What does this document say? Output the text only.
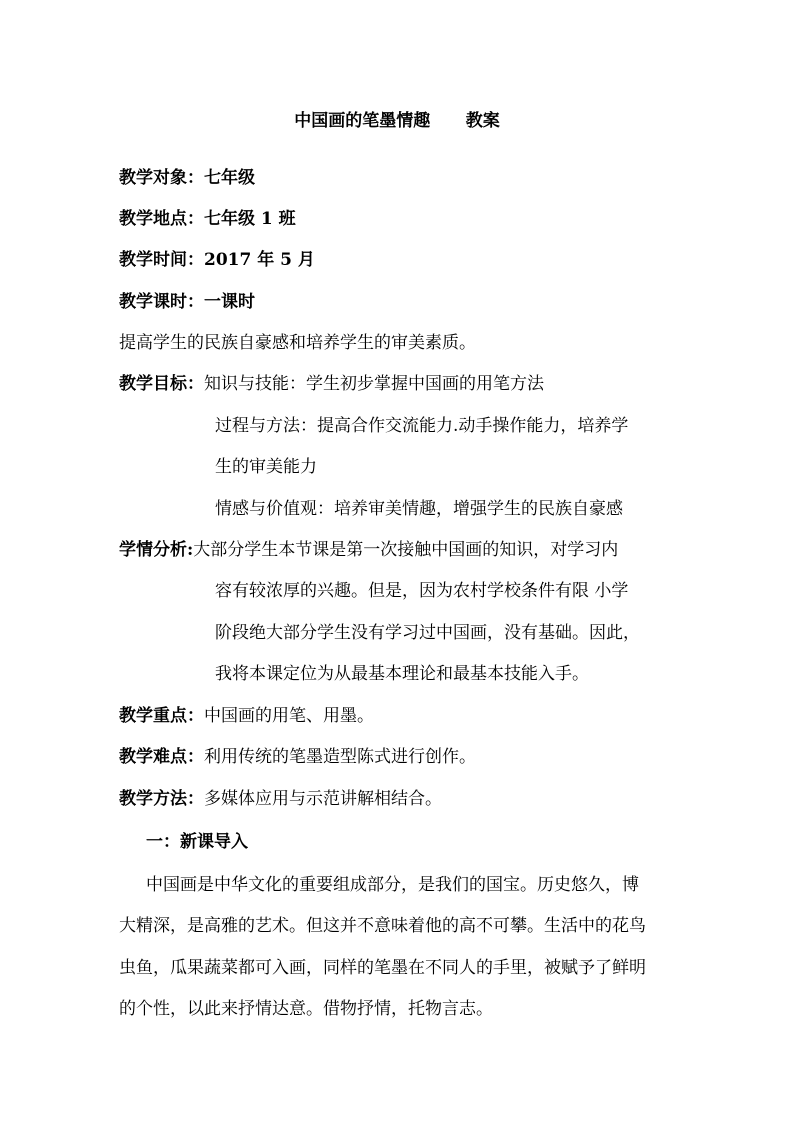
中国画的笔墨情趣      教案
教学对象：七年级
教学地点：七年级 1 班
教学时间：2017 年 5 月
教学课时：一课时
提高学生的民族自豪感和培养学生的审美素质。
教学目标：知识与技能：学生初步掌握中国画的用笔方法
过程与方法：提高合作交流能力.动手操作能力，培养学
生的审美能力
情感与价值观：培养审美情趣，增强学生的民族自豪感
学情分析:大部分学生本节课是第一次接触中国画的知识，对学习内
容有较浓厚的兴趣。但是，因为农村学校条件有限 小学
阶段绝大部分学生没有学习过中国画，没有基础。因此，
我将本课定位为从最基本理论和最基本技能入手。
教学重点：中国画的用笔、用墨。
教学难点：利用传统的笔墨造型陈式进行创作。
教学方法：多媒体应用与示范讲解相结合。
一：新课导入
中国画是中华文化的重要组成部分，是我们的国宝。历史悠久，博
大精深，是高雅的艺术。但这并不意味着他的高不可攀。生活中的花鸟
虫鱼，瓜果蔬菜都可入画，同样的笔墨在不同人的手里，被赋予了鲜明
的个性，以此来抒情达意。借物抒情，托物言志。
